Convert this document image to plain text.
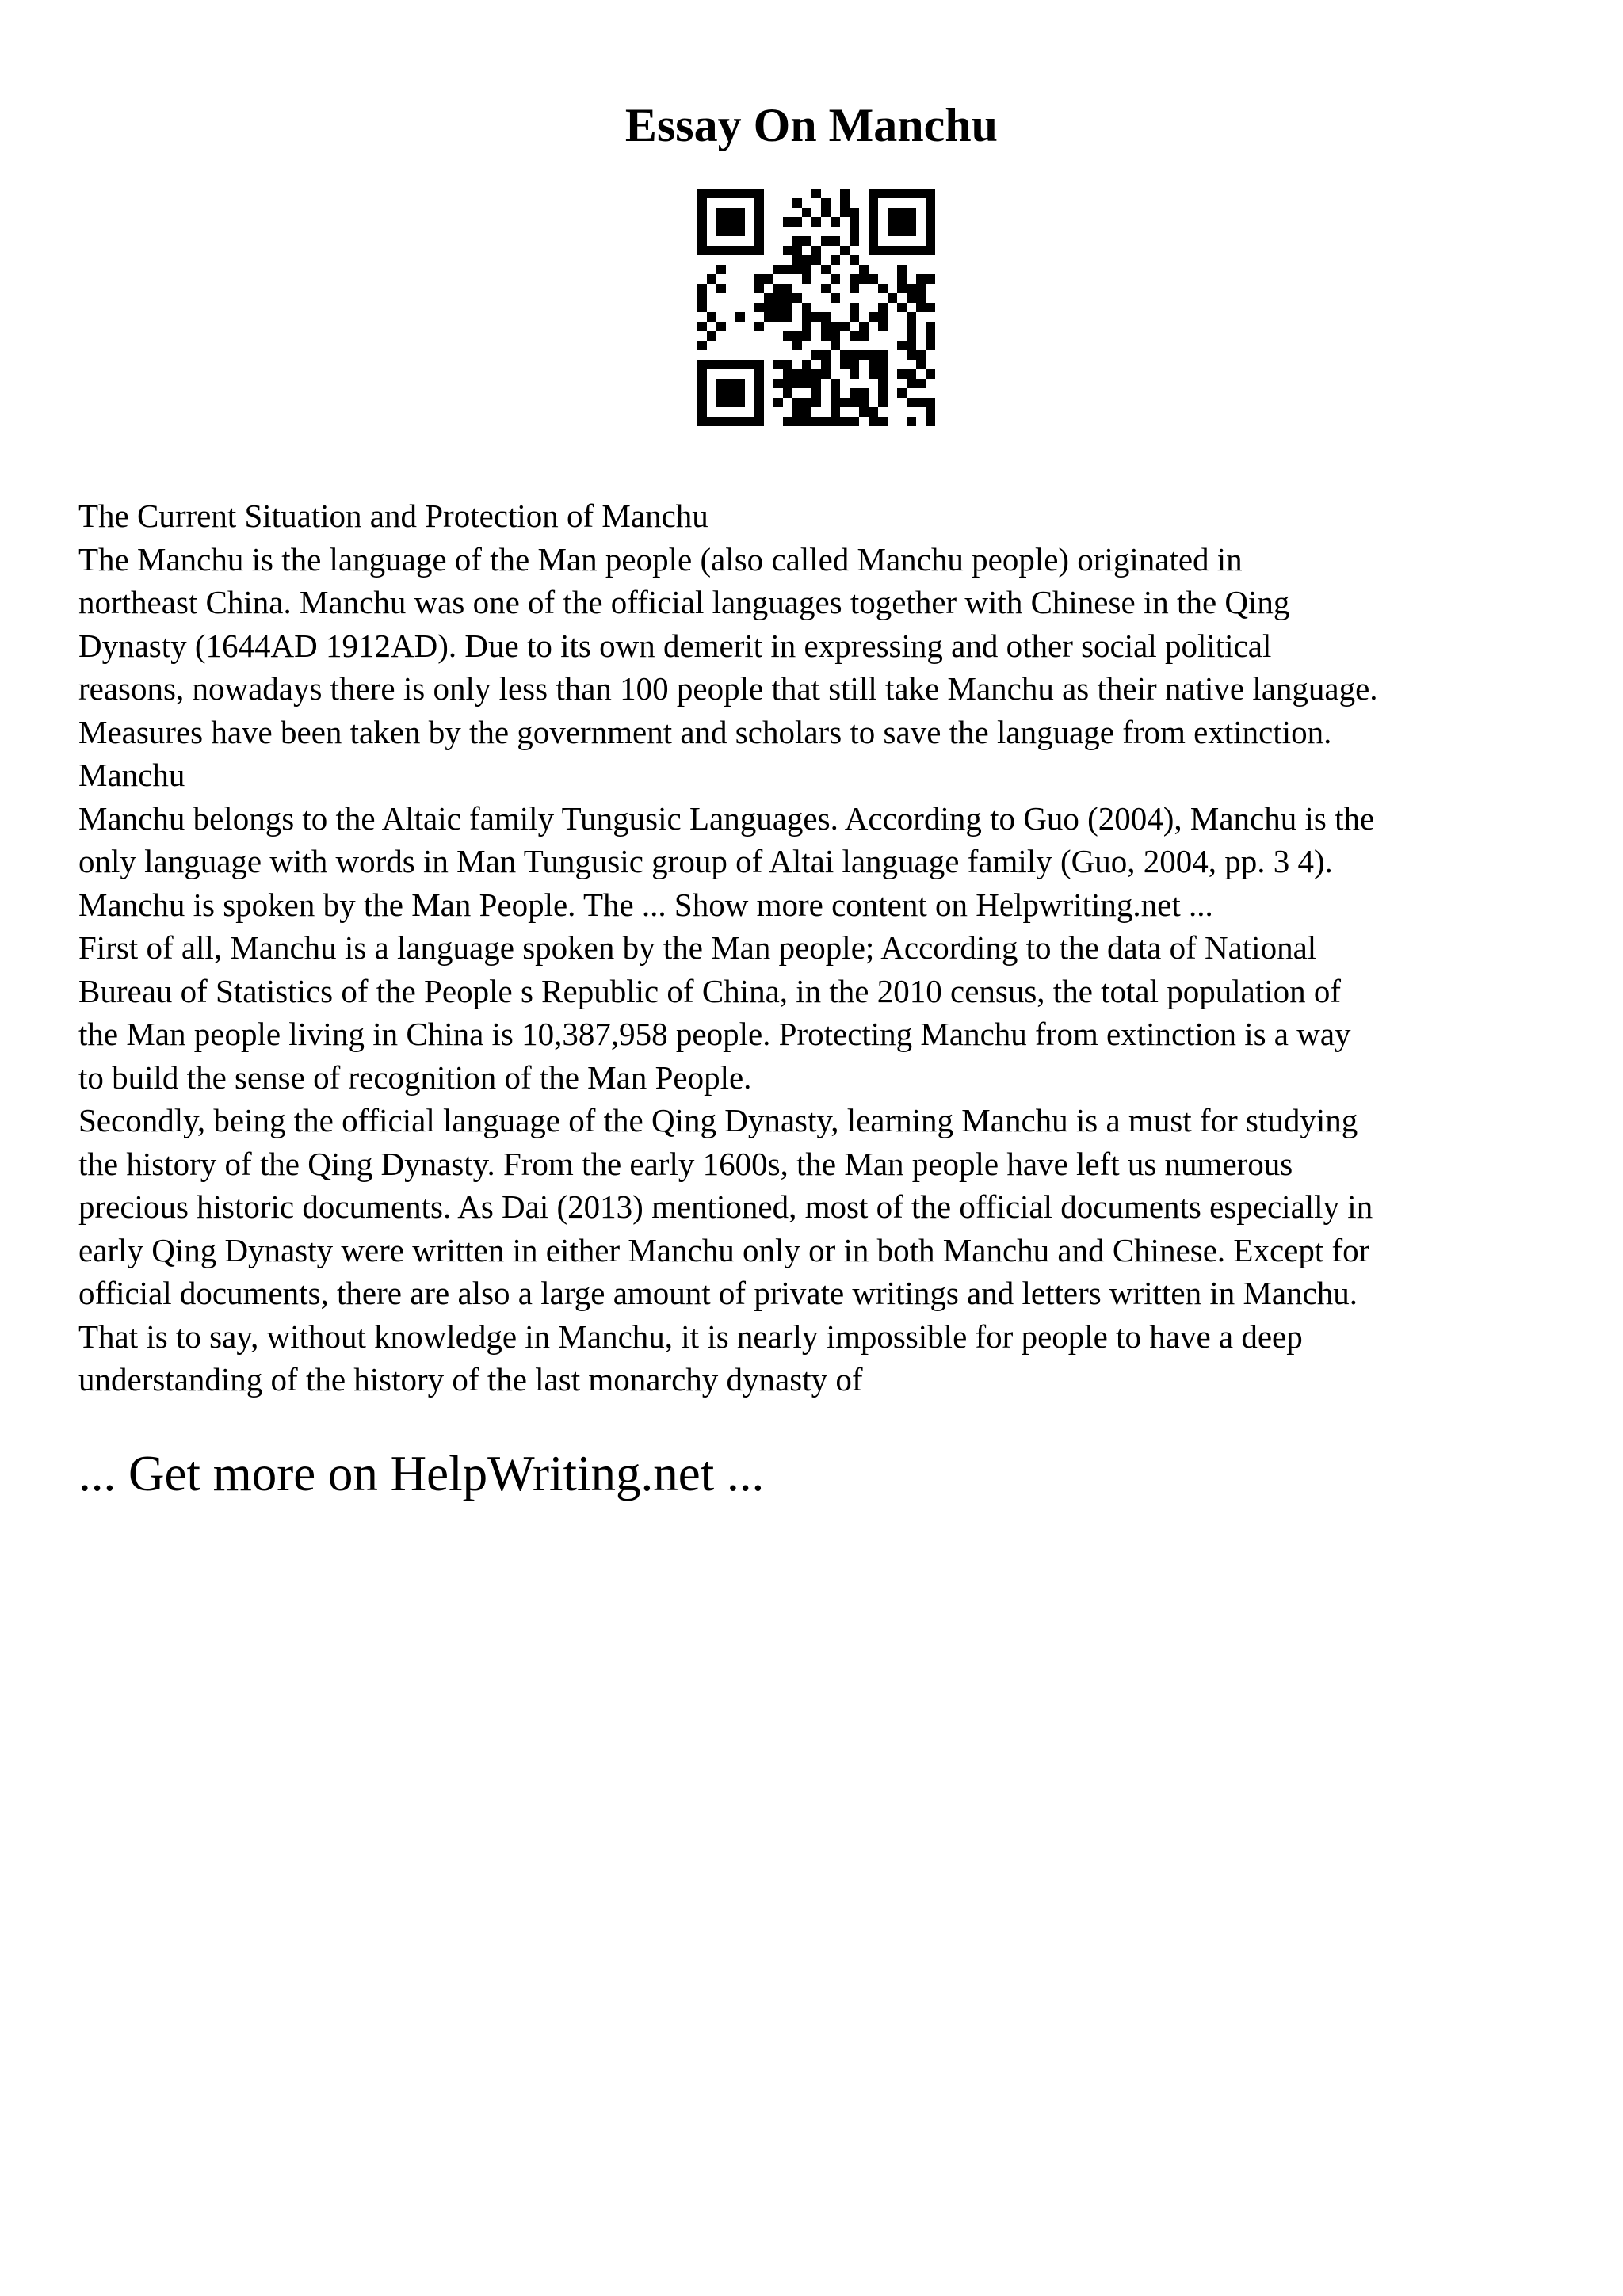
Essay On Manchu

The Current Situation and Protection of Manchu

The Manchu is the language of the Man people (also called Manchu people) originated in

northeast China. Manchu was one of the official languages together with Chinese in the Qing

Dynasty (1644AD 1912AD). Due to its own demerit in expressing and other social political

reasons, nowadays there is only less than 100 people that still take Manchu as their native language.

Measures have been taken by the government and scholars to save the language from extinction.

Manchu

Manchu belongs to the Altaic family Tungusic Languages. According to Guo (2004), Manchu is the

only language with words in Man Tungusic group of Altai language family (Guo, 2004, pp. 3 4).

Manchu is spoken by the Man People. The ... Show more content on Helpwriting.net ...

First of all, Manchu is a language spoken by the Man people; According to the data of National

Bureau of Statistics of the People s Republic of China, in the 2010 census, the total population of

the Man people living in China is 10,387,958 people. Protecting Manchu from extinction is a way

to build the sense of recognition of the Man People.

Secondly, being the official language of the Qing Dynasty, learning Manchu is a must for studying

the history of the Qing Dynasty. From the early 1600s, the Man people have left us numerous

precious historic documents. As Dai (2013) mentioned, most of the official documents especially in

early Qing Dynasty were written in either Manchu only or in both Manchu and Chinese. Except for

official documents, there are also a large amount of private writings and letters written in Manchu.

That is to say, without knowledge in Manchu, it is nearly impossible for people to have a deep

understanding of the history of the last monarchy dynasty of

... Get more on HelpWriting.net ...
